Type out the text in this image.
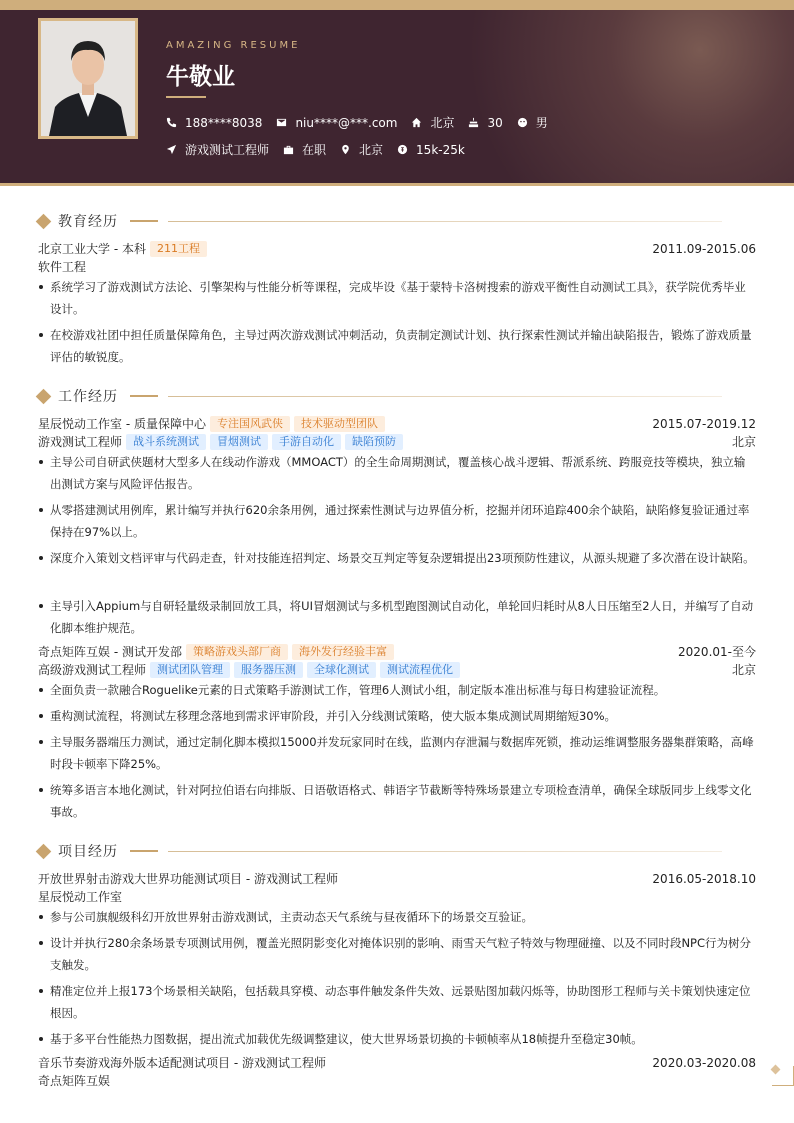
AMAZING RESUME
牛敬业
188****8038	niu****@***.com	北京	30	男
游戏测试工程师	在职	北京	15k-25k
教育经历
北京工业大学 - 本科	211工程	2011.09-2015.06
软件工程
系统学习了游戏测试方法论、引擎架构与性能分析等课程，完成毕设《基于蒙特卡洛树搜索的游戏平衡性自动测试工具》，获学院优秀毕业设计。
在校游戏社团中担任质量保障角色，主导过两次游戏测试冲刺活动，负责制定测试计划、执行探索性测试并输出缺陷报告，锻炼了游戏质量评估的敏锐度。
工作经历
星辰悦动工作室 - 质量保障中心	专注国风武侠	技术驱动型团队	2015.07-2019.12
游戏测试工程师	战斗系统测试	冒烟测试	手游自动化	缺陷预防	北京
主导公司自研武侠题材大型多人在线动作游戏（MMOACT）的全生命周期测试，覆盖核心战斗逻辑、帮派系统、跨服竞技等模块，独立输出测试方案与风险评估报告。
从零搭建测试用例库，累计编写并执行620余条用例，通过探索性测试与边界值分析，挖掘并闭环追踪400余个缺陷，缺陷修复验证通过率保持在97%以上。
深度介入策划文档评审与代码走查，针对技能连招判定、场景交互判定等复杂逻辑提出23项预防性建议，从源头规避了多次潜在设计缺陷。
主导引入Appium与自研轻量级录制回放工具，将UI冒烟测试与多机型跑图测试自动化，单轮回归耗时从8人日压缩至2人日，并编写了自动化脚本维护规范。
奇点矩阵互娱 - 测试开发部	策略游戏头部厂商	海外发行经验丰富	2020.01-至今
高级游戏测试工程师	测试团队管理	服务器压测	全球化测试	测试流程优化	北京
全面负责一款融合Roguelike元素的日式策略手游测试工作，管理6人测试小组，制定版本准出标准与每日构建验证流程。
重构测试流程，将测试左移理念落地到需求评审阶段，并引入分线测试策略，使大版本集成测试周期缩短30%。
主导服务器端压力测试，通过定制化脚本模拟15000并发玩家同时在线，监测内存泄漏与数据库死锁，推动运维调整服务器集群策略，高峰时段卡顿率下降25%。
统筹多语言本地化测试，针对阿拉伯语右向排版、日语敬语格式、韩语字节截断等特殊场景建立专项检查清单，确保全球版同步上线零文化事故。
项目经历
开放世界射击游戏大世界功能测试项目 - 游戏测试工程师	2016.05-2018.10
星辰悦动工作室
参与公司旗舰级科幻开放世界射击游戏测试，主责动态天气系统与昼夜循环下的场景交互验证。
设计并执行280余条场景专项测试用例，覆盖光照阴影变化对掩体识别的影响、雨雪天气粒子特效与物理碰撞、以及不同时段NPC行为树分支触发。
精准定位并上报173个场景相关缺陷，包括载具穿模、动态事件触发条件失效、远景贴图加载闪烁等，协助图形工程师与关卡策划快速定位根因。
基于多平台性能热力图数据，提出流式加载优先级调整建议，使大世界场景切换的卡顿帧率从18帧提升至稳定30帧。
音乐节奏游戏海外版本适配测试项目 - 游戏测试工程师	2020.03-2020.08
奇点矩阵互娱
